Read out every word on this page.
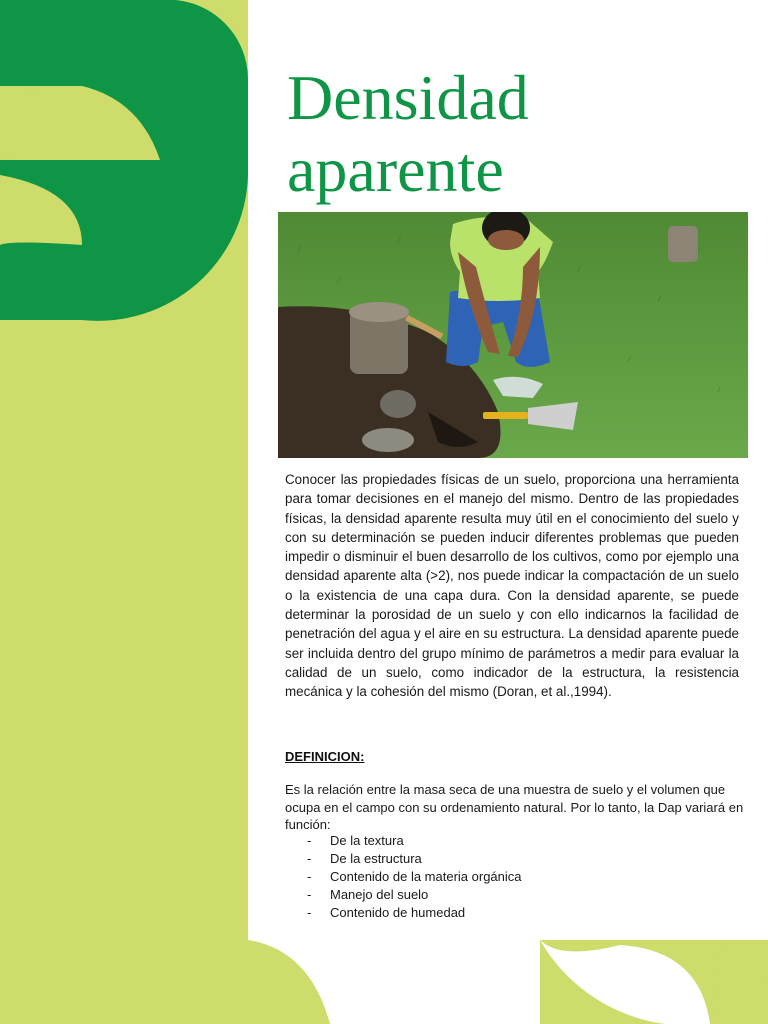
Densidad
aparente

Conocer las propiedades físicas de un suelo, proporciona una herramienta para tomar decisiones en el manejo del mismo. Dentro de las propiedades físicas, la densidad aparente resulta muy útil en el conocimiento del suelo y con su determinación se pueden inducir diferentes problemas que pueden impedir o disminuir el buen desarrollo de los cultivos, como por ejemplo una densidad aparente alta (>2), nos puede indicar la compactación de un suelo o la existencia de una capa dura. Con la densidad aparente, se puede determinar la porosidad de un suelo y con ello indicarnos la facilidad de penetración del agua y el aire en su estructura. La densidad aparente puede ser incluida dentro del grupo mínimo de parámetros a medir para evaluar la calidad de un suelo, como indicador de la estructura, la resistencia mecánica y la cohesión del mismo (Doran, et al.,1994).

DEFINICION:

Es la relación entre la masa seca de una muestra de suelo y el volumen que ocupa en el campo con su ordenamiento natural. Por lo tanto, la Dap variará en función:

- De la textura
- De la estructura
- Contenido de la materia orgánica
- Manejo del suelo
- Contenido de humedad
